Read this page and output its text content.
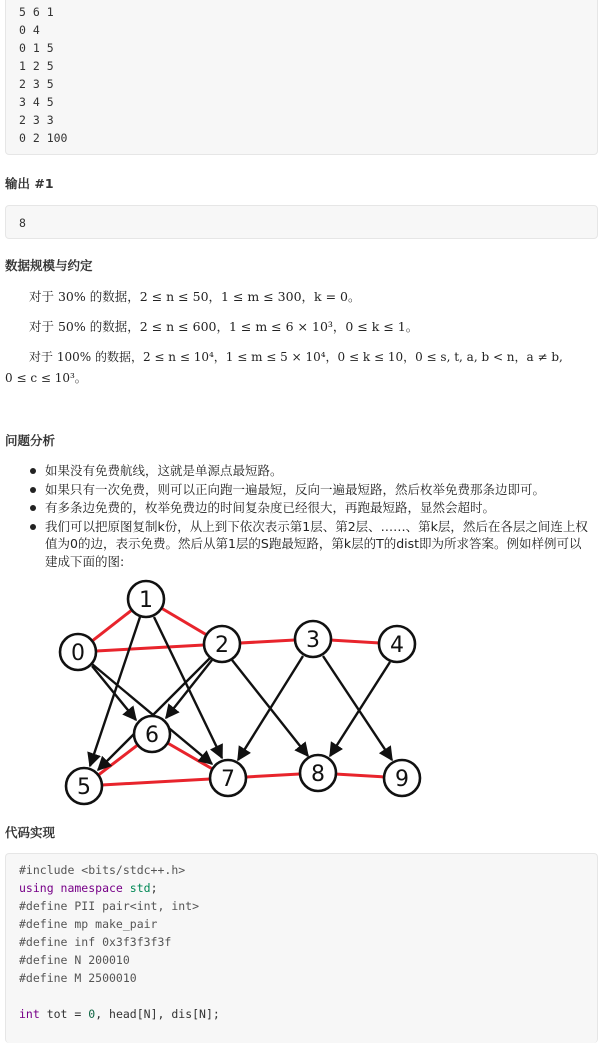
5 6 1
0 4
0 1 5
1 2 5
2 3 5
3 4 5
2 3 3
0 2 100
输出 #1
8
数据规模与约定
对于 30% 的数据，2 ≤ n ≤ 50，1 ≤ m ≤ 300，k = 0。
对于 50% 的数据，2 ≤ n ≤ 600，1 ≤ m ≤ 6 × 10³，0 ≤ k ≤ 1。
对于 100% 的数据，2 ≤ n ≤ 10⁴，1 ≤ m ≤ 5 × 10⁴，0 ≤ k ≤ 10，0 ≤ s, t, a, b < n，a ≠ b,
0 ≤ c ≤ 10³。
问题分析
如果没有免费航线，这就是单源点最短路。
如果只有一次免费，则可以正向跑一遍最短，反向一遍最短路，然后枚举免费那条边即可。
有多条边免费的，枚举免费边的时间复杂度已经很大，再跑最短路，显然会超时。
我们可以把原图复制k份，从上到下依次表示第1层、第2层、……、第k层，然后在各层之间连上权值为0的边，表示免费。然后从第1层的S跑最短路，第k层的T的dist即为所求答案。例如样例可以建成下面的图:
0
1
2	3	4
5
6
7	8	9
代码实现
#include <bits/stdc++.h>
using namespace std;
#define PII pair<int, int>
#define mp make_pair
#define inf 0x3f3f3f3f
#define N 200010
#define M 2500010
int tot = 0, head[N], dis[N];
